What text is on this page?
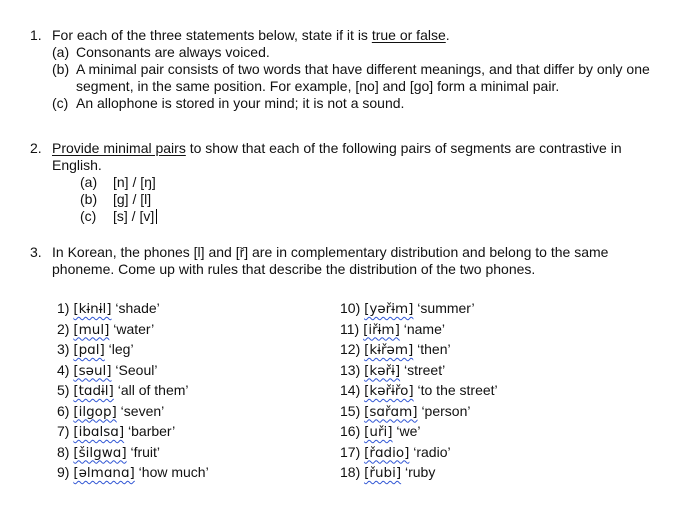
1. For each of the three statements below, state if it is true or false.
(a) Consonants are always voiced.
(b) A minimal pair consists of two words that have different meanings, and that differ by only one segment, in the same position. For example, [no] and [go] form a minimal pair.
(c) An allophone is stored in your mind; it is not a sound.
2. Provide minimal pairs to show that each of the following pairs of segments are contrastive in English.
(a)	[n] / [ŋ]
(b)	[g] / [l]
(c)	[s] / [v]
3. In Korean, the phones [l] and [ř] are in complementary distribution and belong to the same phoneme. Come up with rules that describe the distribution of the two phones.
1) [kɨnɨl] ‘shade’
2) [mul] ‘water’
3) [pɑl] ‘leg’
4) [səul] ‘Seoul’
5) [tɑdɨl] ‘all of them’
6) [ilgop] ‘seven’
7) [ibɑlsɑ] ‘barber’
8) [šilgwɑ] ‘fruit’
9) [əlmɑnɑ] ‘how much’
10) [yəřɨm] ‘summer’
11) [iřɨm] ‘name’
12) [kɨřəm] ‘then’
13) [kəřɨ] ‘street’
14) [kəřɨřo] ‘to the street’
15) [sɑřɑm] ‘person’
16) [uři] ‘we’
17) [řɑdio] ‘radio’
18) [řubi] ‘ruby
